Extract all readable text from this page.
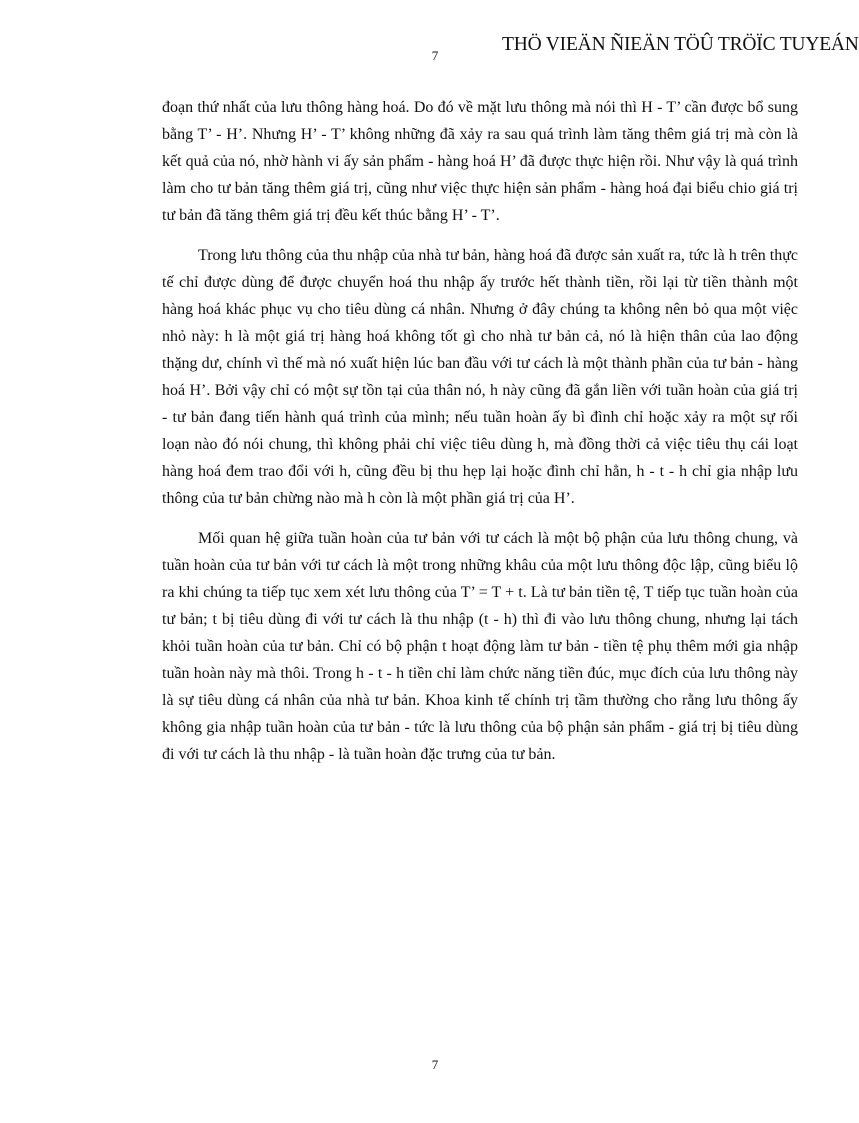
7
THÖ VIEÄN ÑIEÄN TÖÛ TRÖÏC TUYEÁN

đoạn thứ nhất của lưu thông hàng hoá. Do đó về mặt lưu thông mà nói thì H - T’ cần được bổ sung bằng T’ - H’. Nhưng H’ - T’ không những đã xảy ra sau quá trình làm tăng thêm giá trị mà còn là kết quả của nó, nhờ hành vi ấy sản phẩm - hàng hoá H’ đã được thực hiện rồi. Như vậy là quá trình làm cho tư bản tăng thêm giá trị, cũng như việc thực hiện sản phẩm - hàng hoá đại biểu chio giá trị tư bản đã tăng thêm giá trị đều kết thúc bằng H’ - T’.

Trong lưu thông của thu nhập của nhà tư bản, hàng hoá đã được sản xuất ra, tức là h trên thực tế chỉ được dùng để được chuyển hoá thu nhập ấy trước hết thành tiền, rồi lại từ tiền thành một hàng hoá khác phục vụ cho tiêu dùng cá nhân. Nhưng ở đây chúng ta không nên bỏ qua một việc nhỏ này: h là một giá trị hàng hoá không tốt gì cho nhà tư bản cả, nó là hiện thân của lao động thặng dư, chính vì thế mà nó xuất hiện lúc ban đầu với tư cách là một thành phần của tư bản - hàng hoá H’. Bởi vậy chỉ có một sự tồn tại của thân nó, h này cũng đã gắn liền với tuần hoàn của giá trị - tư bản đang tiến hành quá trình của mình; nếu tuần hoàn ấy bì đình chỉ hoặc xảy ra một sự rối loạn nào đó nói chung, thì không phải chỉ việc tiêu dùng h, mà đồng thời cả việc tiêu thụ cái loạt hàng hoá đem trao đổi với h, cũng đều bị thu hẹp lại hoặc đình chỉ hẳn, h - t - h chỉ gia nhập lưu thông của tư bản chừng nào mà h còn là một phần giá trị của H’.

Mối quan hệ giữa tuần hoàn của tư bản với tư cách là một bộ phận của lưu thông chung, và tuần hoàn của tư bản với tư cách là một trong những khâu của một lưu thông độc lập, cũng biểu lộ ra khi chúng ta tiếp tục xem xét lưu thông của T’ = T + t. Là tư bản tiền tệ, T tiếp tục tuần hoàn của tư bản; t bị tiêu dùng đi với tư cách là thu nhập (t - h) thì đi vào lưu thông chung, nhưng lại tách khỏi tuần hoàn của tư bản. Chỉ có bộ phận t hoạt động làm tư bản - tiền tệ phụ thêm mới gia nhập tuần hoàn này mà thôi. Trong h - t - h tiền chỉ làm chức năng tiền đúc, mục đích của lưu thông này là sự tiêu dùng cá nhân của nhà tư bản. Khoa kinh tế chính trị tầm thường cho rằng lưu thông ấy không gia nhập tuần hoàn của tư bản - tức là lưu thông của bộ phận sản phẩm - giá trị bị tiêu dùng đi với tư cách là thu nhập - là tuần hoàn đặc trưng của tư bản.

7
